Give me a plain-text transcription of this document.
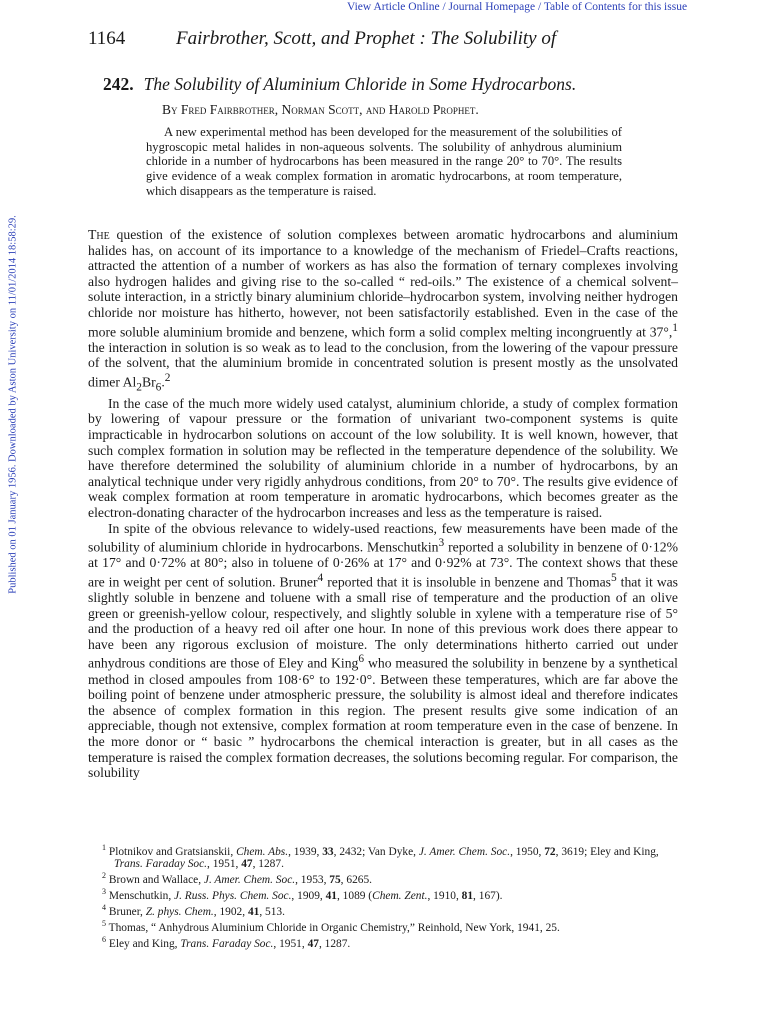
View Article Online / Journal Homepage / Table of Contents for this issue
Published on 01 January 1956. Downloaded by Aston University on 11/01/2014 18:58:29.
1164	Fairbrother, Scott, and Prophet : The Solubility of
242. The Solubility of Aluminium Chloride in Some Hydrocarbons.
By Fred Fairbrother, Norman Scott, and Harold Prophet.

A new experimental method has been developed for the measurement of the solubilities of hygroscopic metal halides in non-aqueous solvents. The solubility of anhydrous aluminium chloride in a number of hydrocarbons has been measured in the range 20° to 70°. The results give evidence of a weak complex formation in aromatic hydrocarbons, at room temperature, which disappears as the temperature is raised.

The question of the existence of solution complexes between aromatic hydrocarbons and aluminium halides has, on account of its importance to a knowledge of the mechanism of Friedel–Crafts reactions, attracted the attention of a number of workers as has also the formation of ternary complexes involving also hydrogen halides and giving rise to the so-called “ red-oils.” The existence of a chemical solvent–solute interaction, in a strictly binary aluminium chloride–hydrocarbon system, involving neither hydrogen chloride nor moisture has hitherto, however, not been satisfactorily established. Even in the case of the more soluble aluminium bromide and benzene, which form a solid complex melting incongruently at 37°,$^1$ the interaction in solution is so weak as to lead to the conclusion, from the lowering of the vapour pressure of the solvent, that the aluminium bromide in concentrated solution is present mostly as the unsolvated dimer $Al_2Br_6.^2$

In the case of the much more widely used catalyst, aluminium chloride, a study of complex formation by lowering of vapour pressure or the formation of univariant two-component systems is quite impracticable in hydrocarbon solutions on account of the low solubility. It is well known, however, that such complex formation in solution may be reflected in the temperature dependence of the solubility. We have therefore determined the solubility of aluminium chloride in a number of hydrocarbons, by an analytical technique under very rigidly anhydrous conditions, from 20° to 70°. The results give evidence of weak complex formation at room temperature in aromatic hydrocarbons, which becomes greater as the electron-donating character of the hydrocarbon increases and less as the temperature is raised.

In spite of the obvious relevance to widely-used reactions, few measurements have been made of the solubility of aluminium chloride in hydrocarbons. Menschutkin$^3$ reported a solubility in benzene of 0·12% at 17° and 0·72% at 80°; also in toluene of 0·26% at 17° and 0·92% at 73°. The context shows that these are in weight per cent of solution. Bruner$^4$ reported that it is insoluble in benzene and Thomas$^5$ that it was slightly soluble in benzene and toluene with a small rise of temperature and the production of an olive green or greenish-yellow colour, respectively, and slightly soluble in xylene with a temperature rise of 5° and the production of a heavy red oil after one hour. In none of this previous work does there appear to have been any rigorous exclusion of moisture. The only determinations hitherto carried out under anhydrous conditions are those of Eley and King$^6$ who measured the solubility in benzene by a synthetical method in closed ampoules from 108·6° to 192·0°. Between these temperatures, which are far above the boiling point of benzene under atmospheric pressure, the solubility is almost ideal and therefore indicates the absence of complex formation in this region. The present results give some indication of an appreciable, though not extensive, complex formation at room temperature even in the case of benzene. In the more donor or “ basic ” hydrocarbons the chemical interaction is greater, but in all cases as the temperature is raised the complex formation decreases, the solutions becoming regular. For comparison, the solubility

$^1$ Plotnikov and Gratsianskii, Chem. Abs., 1939, 33, 2432; Van Dyke, J. Amer. Chem. Soc., 1950, 72, 3619; Eley and King, Trans. Faraday Soc., 1951, 47, 1287.
$^2$ Brown and Wallace, J. Amer. Chem. Soc., 1953, 75, 6265.
$^3$ Menschutkin, J. Russ. Phys. Chem. Soc., 1909, 41, 1089 (Chem. Zent., 1910, 81, 167).
$^4$ Bruner, Z. phys. Chem., 1902, 41, 513.
$^5$ Thomas, “ Anhydrous Aluminium Chloride in Organic Chemistry,” Reinhold, New York, 1941, 25.
$^6$ Eley and King, Trans. Faraday Soc., 1951, 47, 1287.
